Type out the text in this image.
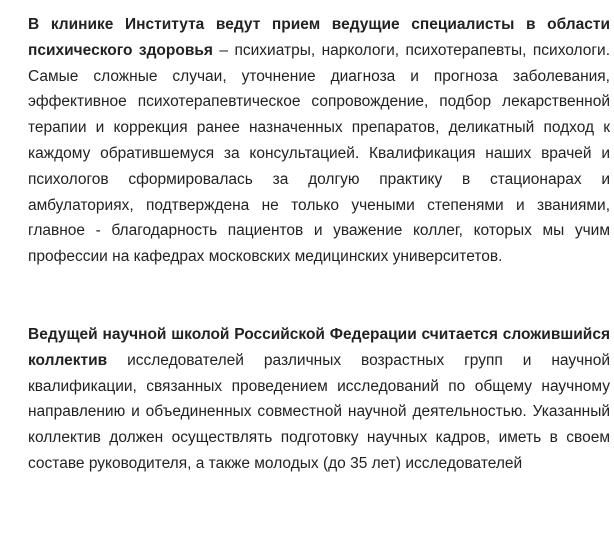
В клинике Института ведут прием ведущие специалисты в области психического здоровья – психиатры, наркологи, психотерапевты, психологи. Самые сложные случаи, уточнение диагноза и прогноза заболевания, эффективное психотерапевтическое сопровождение, подбор лекарственной терапии и коррекция ранее назначенных препаратов, деликатный подход к каждому обратившемуся за консультацией. Квалификация наших врачей и психологов сформировалась за долгую практику в стационарах и амбулаториях, подтверждена не только учеными степенями и званиями, главное - благодарность пациентов и уважение коллег, которых мы учим профессии на кафедрах московских медицинских университетов.

Ведущей научной школой Российской Федерации считается сложившийся коллектив исследователей различных возрастных групп и научной квалификации, связанных проведением исследований по общему научному направлению и объединенных совместной научной деятельностью. Указанный коллектив должен осуществлять подготовку научных кадров, иметь в своем составе руководителя, а также молодых (до 35 лет) исследователей
